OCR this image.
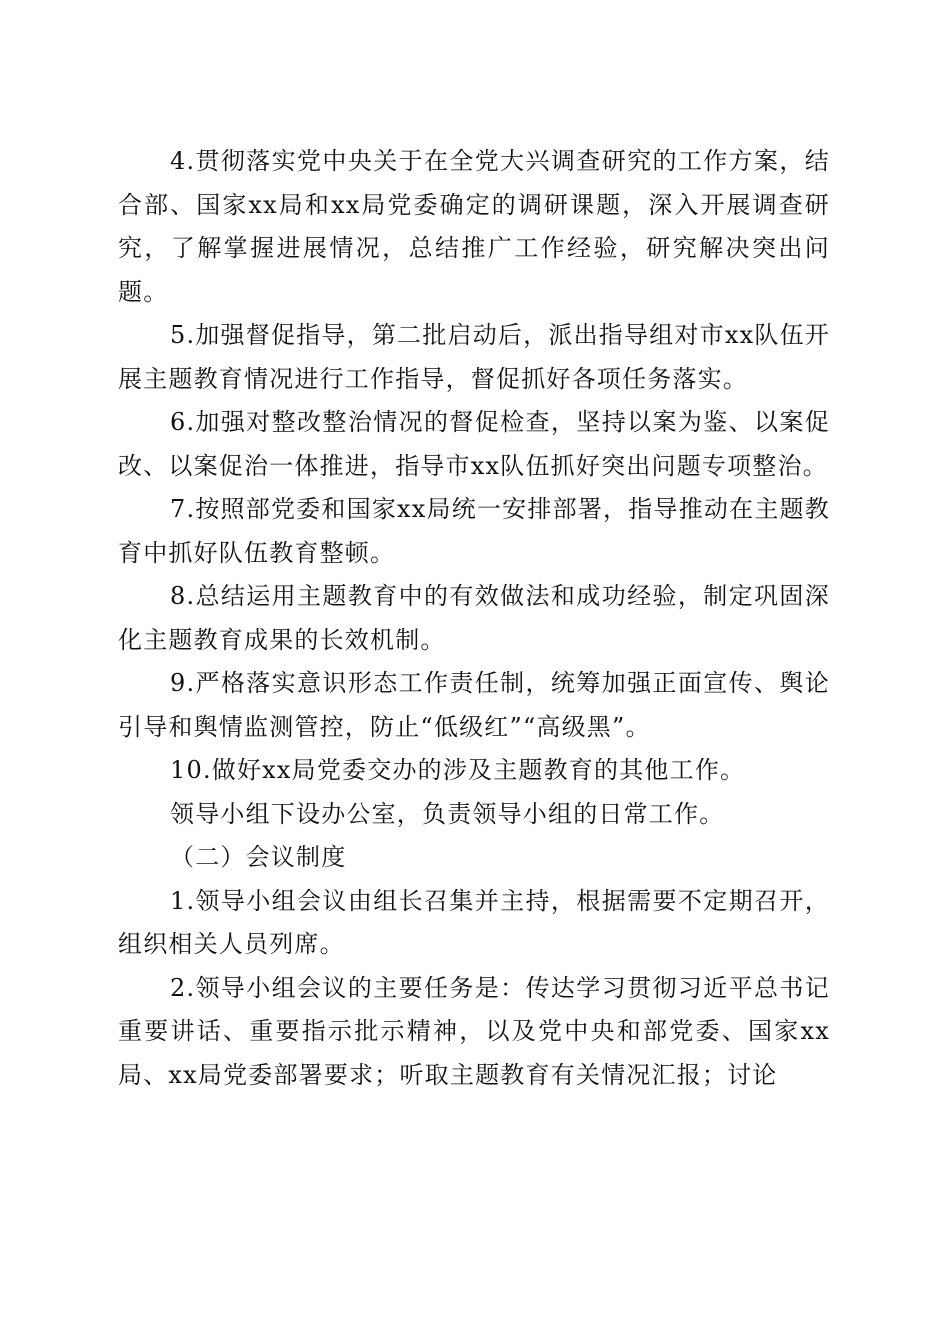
4.贯彻落实党中央关于在全党大兴调查研究的工作方案，结合部、国家xx局和xx局党委确定的调研课题，深入开展调查研究，了解掌握进展情况，总结推广工作经验，研究解决突出问题。

5.加强督促指导，第二批启动后，派出指导组对市xx队伍开展主题教育情况进行工作指导，督促抓好各项任务落实。

6.加强对整改整治情况的督促检查，坚持以案为鉴、以案促改、以案促治一体推进，指导市xx队伍抓好突出问题专项整治。

7.按照部党委和国家xx局统一安排部署，指导推动在主题教育中抓好队伍教育整顿。

8.总结运用主题教育中的有效做法和成功经验，制定巩固深化主题教育成果的长效机制。

9.严格落实意识形态工作责任制，统筹加强正面宣传、舆论引导和舆情监测管控，防止“低级红”“高级黑”。

10.做好xx局党委交办的涉及主题教育的其他工作。

领导小组下设办公室，负责领导小组的日常工作。

（二）会议制度

1.领导小组会议由组长召集并主持，根据需要不定期召开，组织相关人员列席。

2.领导小组会议的主要任务是：传达学习贯彻习近平总书记重要讲话、重要指示批示精神，以及党中央和部党委、国家xx局、xx局党委部署要求；听取主题教育有关情况汇报；讨论
